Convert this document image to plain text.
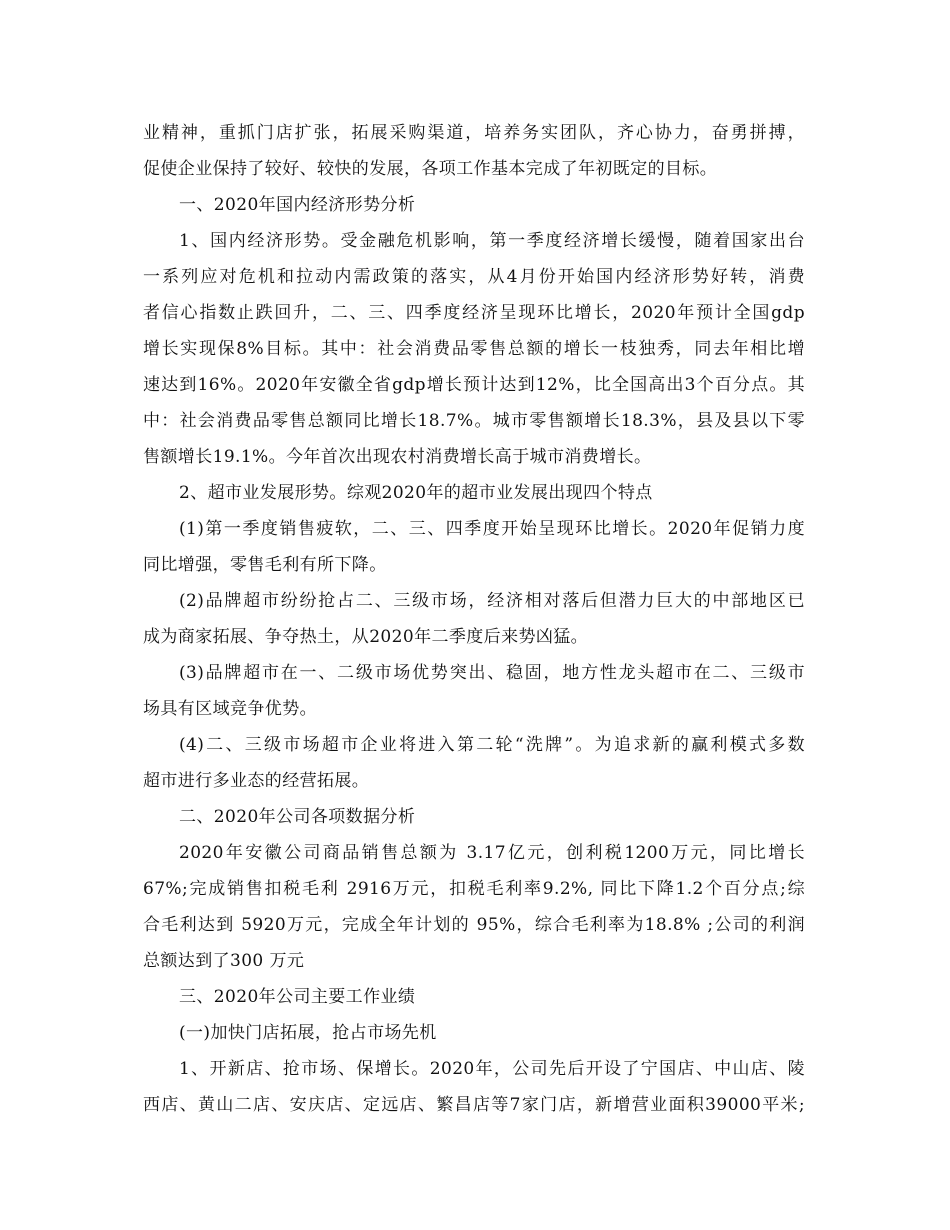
业精神，重抓门店扩张，拓展采购渠道，培养务实团队，齐心协力，奋勇拼搏，
促使企业保持了较好、较快的发展，各项工作基本完成了年初既定的目标。
一、2020年国内经济形势分析
1、国内经济形势。受金融危机影响，第一季度经济增长缓慢，随着国家出台
一系列应对危机和拉动内需政策的落实，从4月份开始国内经济形势好转，消费
者信心指数止跌回升，二、三、四季度经济呈现环比增长，2020年预计全国gdp
增长实现保8%目标。其中：社会消费品零售总额的增长一枝独秀，同去年相比增
速达到16%。2020年安徽全省gdp增长预计达到12%，比全国高出3个百分点。其
中：社会消费品零售总额同比增长18.7%。城市零售额增长18.3%，县及县以下零
售额增长19.1%。今年首次出现农村消费增长高于城市消费增长。
2、超市业发展形势。综观2020年的超市业发展出现四个特点
(1)第一季度销售疲软，二、三、四季度开始呈现环比增长。2020年促销力度
同比增强，零售毛利有所下降。
(2)品牌超市纷纷抢占二、三级市场，经济相对落后但潜力巨大的中部地区已
成为商家拓展、争夺热土，从2020年二季度后来势凶猛。
(3)品牌超市在一、二级市场优势突出、稳固，地方性龙头超市在二、三级市
场具有区域竞争优势。
(4)二、三级市场超市企业将进入第二轮“洗牌”。为追求新的赢利模式多数
超市进行多业态的经营拓展。
二、2020年公司各项数据分析
2020年安徽公司商品销售总额为 3.17亿元，创利税1200万元，同比增长
67%;完成销售扣税毛利 2916万元，扣税毛利率9.2%, 同比下降1.2个百分点;综
合毛利达到 5920万元，完成全年计划的 95%，综合毛利率为18.8% ;公司的利润
总额达到了300 万元
三、2020年公司主要工作业绩
(一)加快门店拓展，抢占市场先机
1、开新店、抢市场、保增长。2020年，公司先后开设了宁国店、中山店、陵
西店、黄山二店、安庆店、定远店、繁昌店等7家门店，新增营业面积39000平米;
